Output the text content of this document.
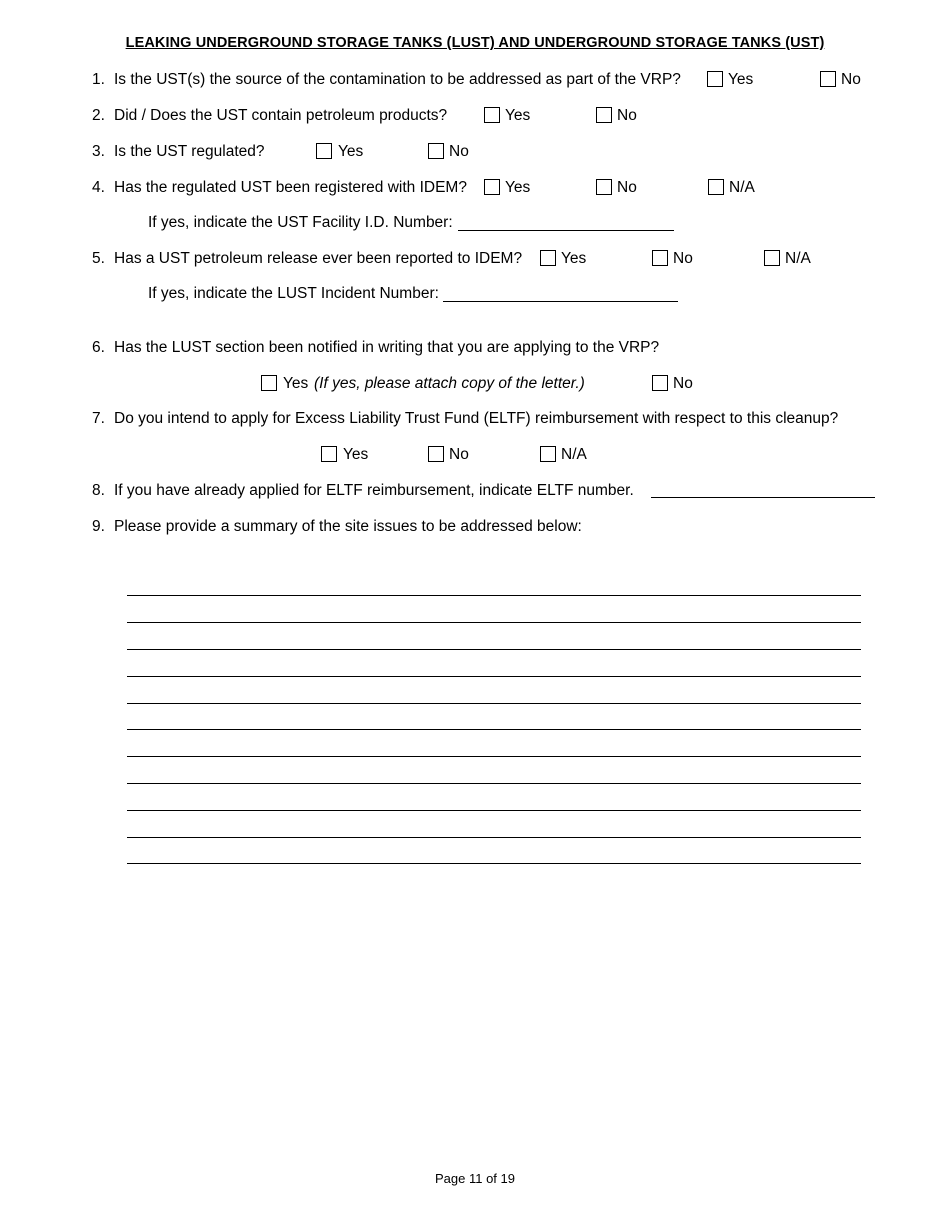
LEAKING UNDERGROUND STORAGE TANKS (LUST) AND UNDERGROUND STORAGE TANKS (UST)
1. Is the UST(s) the source of the contamination to be addressed as part of the VRP?	Yes	No
2. Did / Does the UST contain petroleum products?	Yes	No
3. Is the UST regulated?	Yes	No
4. Has the regulated UST been registered with IDEM? Yes	No	N/A
If yes, indicate the UST Facility I.D. Number:
5. Has a UST petroleum release ever been reported to IDEM?	Yes	No	N/A
If yes, indicate the LUST Incident Number:
6. Has the LUST section been notified in writing that you are applying to the VRP?
Yes (If yes, please attach copy of the letter.)	No
7. Do you intend to apply for Excess Liability Trust Fund (ELTF) reimbursement with respect to this cleanup?
Yes	No	N/A
8. If you have already applied for ELTF reimbursement, indicate ELTF number.
9. Please provide a summary of the site issues to be addressed below:
Page 11 of 19
